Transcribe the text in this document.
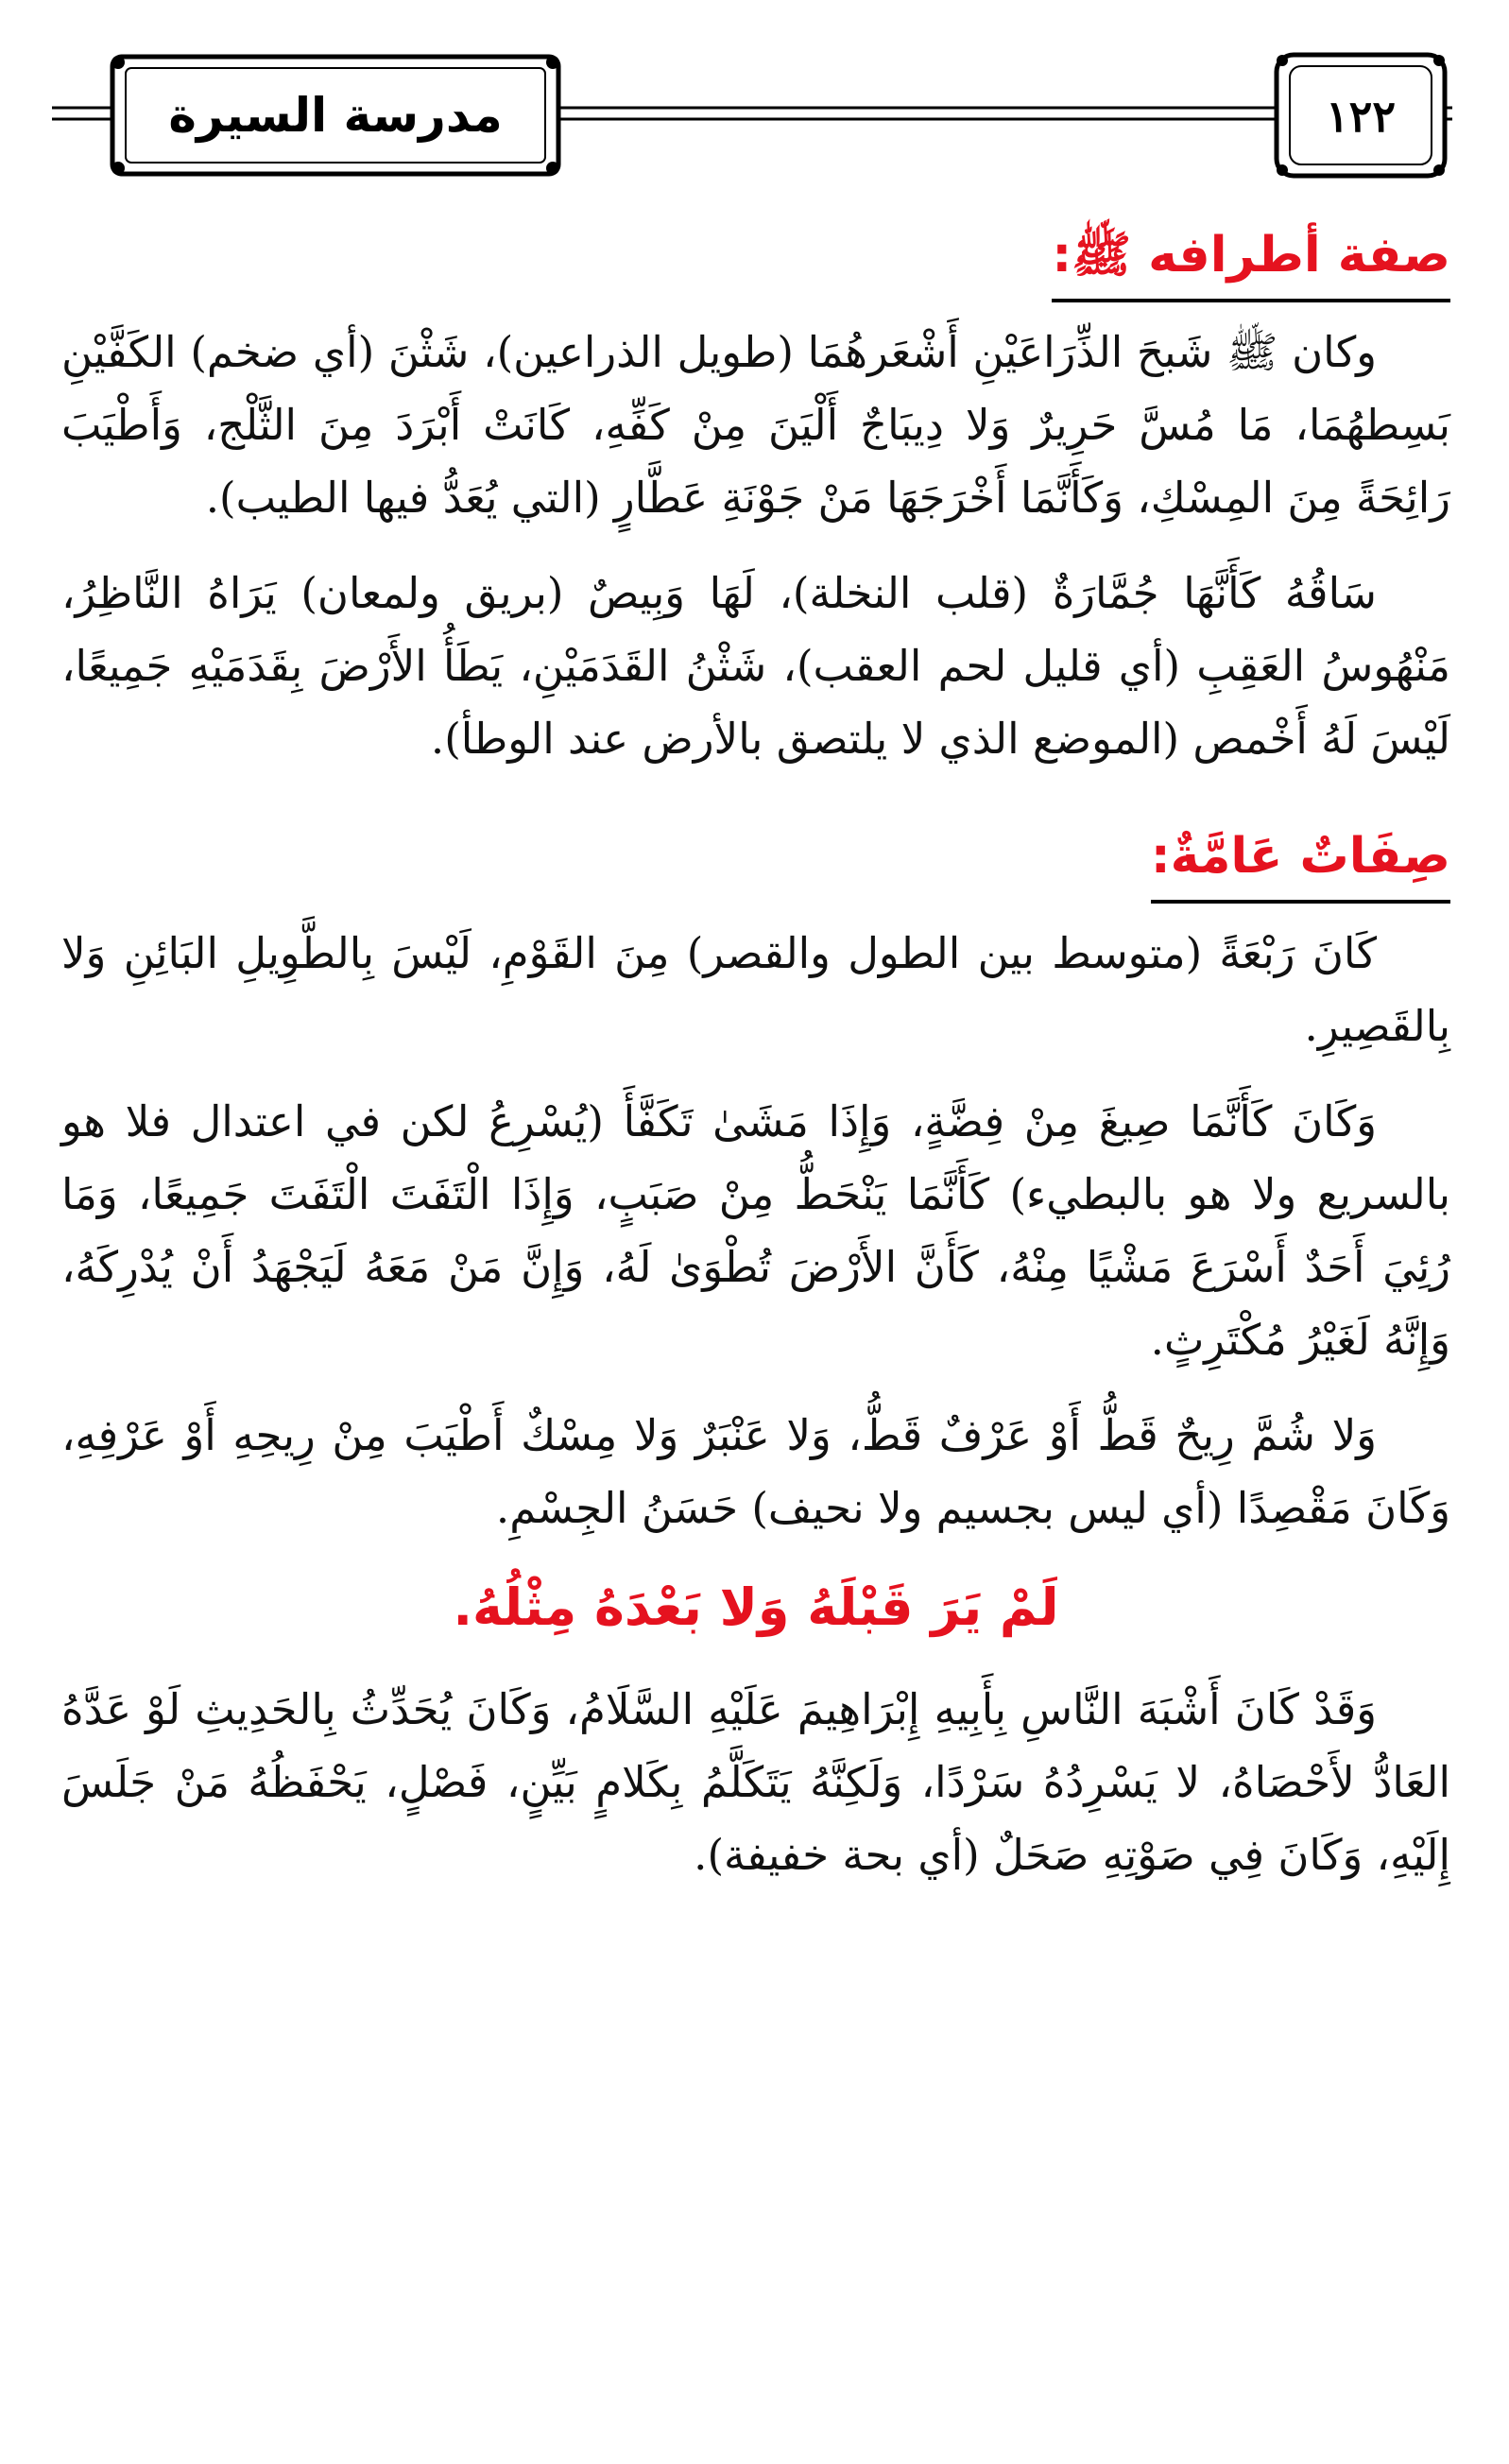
مدرسة السيرة	١٢٢
صفة أطرافه ﷺ:

وكان ﷺ شَبحَ الذِّرَاعَيْنِ أَشْعَرهُمَا (طويل الذراعين)، شَثْنَ (أي ضخم) الكَفَّيْنِ بَسِطهُمَا، مَا مُسَّ حَرِيرٌ وَلا دِيبَاجٌ أَلْيَنَ مِنْ كَفِّهِ، كَانَتْ أَبْرَدَ مِنَ الثَّلْج، وَأَطْيَبَ رَائِحَةً مِنَ المِسْكِ، وَكَأَنَّمَا أَخْرَجَهَا مَنْ جَوْنَةِ عَطَّارٍ (التي يُعَدُّ فيها الطيب).

سَاقُهُ كَأَنَّهَا جُمَّارَةٌ (قلب النخلة)، لَهَا وَبِيصٌ (بريق ولمعان) يَرَاهُ النَّاظِرُ، مَنْهُوسُ العَقِبِ (أي قليل لحم العقب)، شَثْنُ القَدَمَيْنِ، يَطَأُ الأَرْضَ بِقَدَمَيْهِ جَمِيعًا، لَيْسَ لَهُ أَخْمص (الموضع الذي لا يلتصق بالأرض عند الوطأ).

صِفَاتٌ عَامَّةٌ:

كَانَ رَبْعَةً (متوسط بين الطول والقصر) مِنَ القَوْمِ، لَيْسَ بِالطَّوِيلِ البَائِنِ وَلا بِالقَصِيرِ.

وَكَانَ كَأَنَّمَا صِيغَ مِنْ فِضَّةٍ، وَإِذَا مَشَىٰ تَكَفَّأَ (يُسْرِعُ لكن في اعتدال فلا هو بالسريع ولا هو بالبطيء) كَأَنَّمَا يَنْحَطُّ مِنْ صَبَبٍ، وَإِذَا الْتَفَتَ الْتَفَتَ جَمِيعًا، وَمَا رُئِيَ أَحَدٌ أَسْرَعَ مَشْيًا مِنْهُ، كَأَنَّ الأَرْضَ تُطْوَىٰ لَهُ، وَإِنَّ مَنْ مَعَهُ لَيَجْهَدُ أَنْ يُدْرِكَهُ، وَإِنَّهُ لَغَيْرُ مُكْتَرِثٍ.

وَلا شُمَّ رِيحٌ قَطُّ أَوْ عَرْفٌ قَطُّ، وَلا عَنْبَرٌ وَلا مِسْكٌ أَطْيَبَ مِنْ رِيحِهِ أَوْ عَرْفِهِ، وَكَانَ مَقْصِدًا (أي ليس بجسيم ولا نحيف) حَسَنُ الجِسْمِ.

لَمْ يَرَ قَبْلَهُ وَلا بَعْدَهُ مِثْلُهُ.

وَقَدْ كَانَ أَشْبَهَ النَّاسِ بِأَبِيهِ إِبْرَاهِيمَ عَلَيْهِ السَّلَامُ، وَكَانَ يُحَدِّثُ بِالحَدِيثِ لَوْ عَدَّهُ العَادُّ لأَحْصَاهُ، لا يَسْرِدُهُ سَرْدًا، وَلَكِنَّهُ يَتَكَلَّمُ بِكَلامٍ بَيِّنٍ، فَصْلٍ، يَحْفَظُهُ مَنْ جَلَسَ إِلَيْهِ، وَكَانَ فِي صَوْتِهِ صَحَلٌ (أي بحة خفيفة).
